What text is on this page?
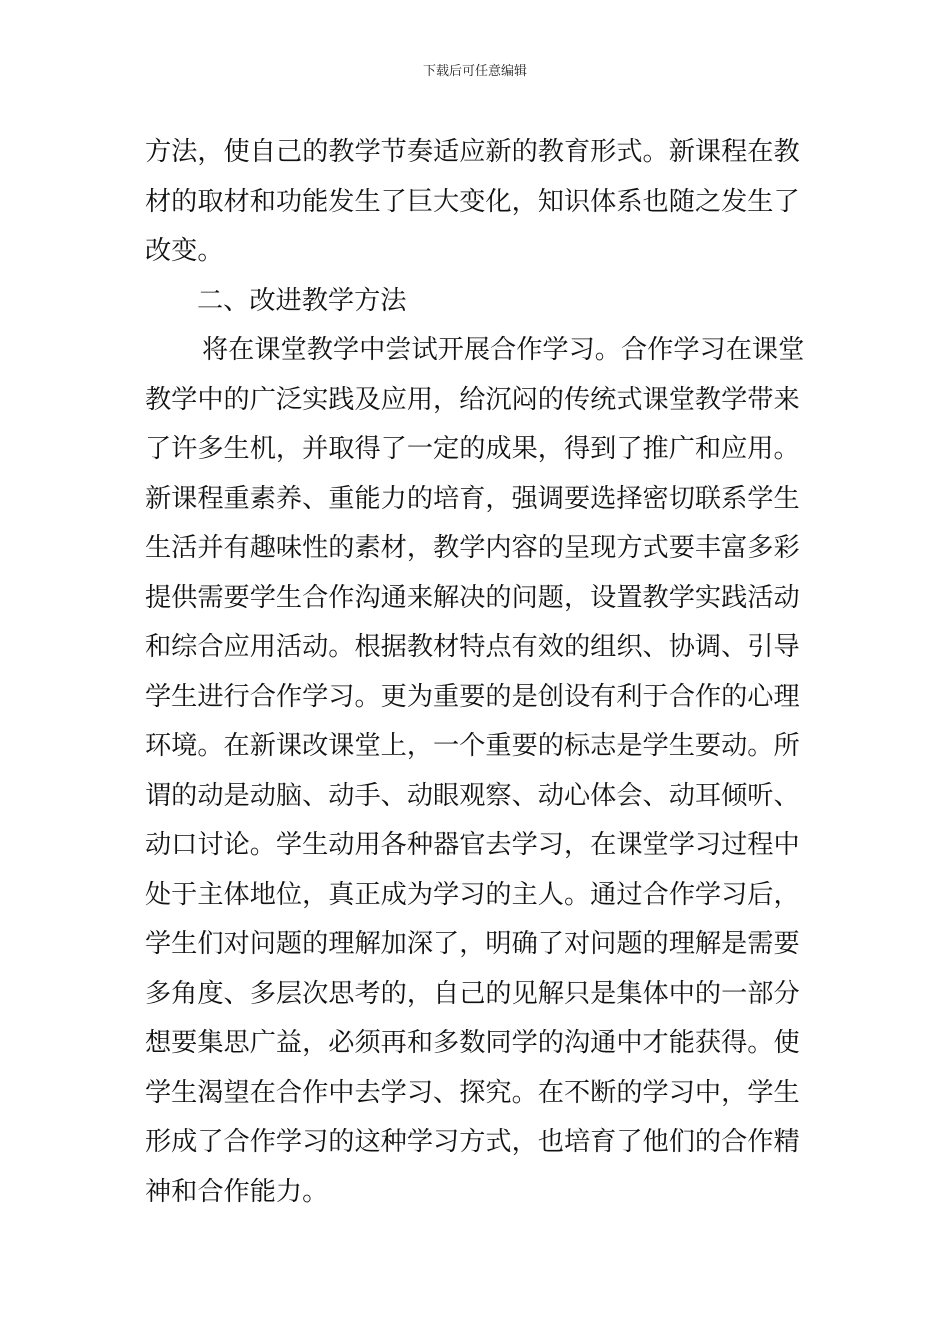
下载后可任意编辑
方法，使自己的教学节奏适应新的教育形式。新课程在教
材的取材和功能发生了巨大变化，知识体系也随之发生了
改变。
二、改进教学方法
将在课堂教学中尝试开展合作学习。合作学习在课堂
教学中的广泛实践及应用，给沉闷的传统式课堂教学带来
了许多生机，并取得了一定的成果，得到了推广和应用。
新课程重素养、重能力的培育，强调要选择密切联系学生
生活并有趣味性的素材，教学内容的呈现方式要丰富多彩
提供需要学生合作沟通来解决的问题，设置教学实践活动
和综合应用活动。根据教材特点有效的组织、协调、引导
学生进行合作学习。更为重要的是创设有利于合作的心理
环境。在新课改课堂上，一个重要的标志是学生要动。所
谓的动是动脑、动手、动眼观察、动心体会、动耳倾听、
动口讨论。学生动用各种器官去学习，在课堂学习过程中
处于主体地位，真正成为学习的主人。通过合作学习后，
学生们对问题的理解加深了，明确了对问题的理解是需要
多角度、多层次思考的，自己的见解只是集体中的一部分
想要集思广益，必须再和多数同学的沟通中才能获得。使
学生渴望在合作中去学习、探究。在不断的学习中，学生
形成了合作学习的这种学习方式，也培育了他们的合作精
神和合作能力。
